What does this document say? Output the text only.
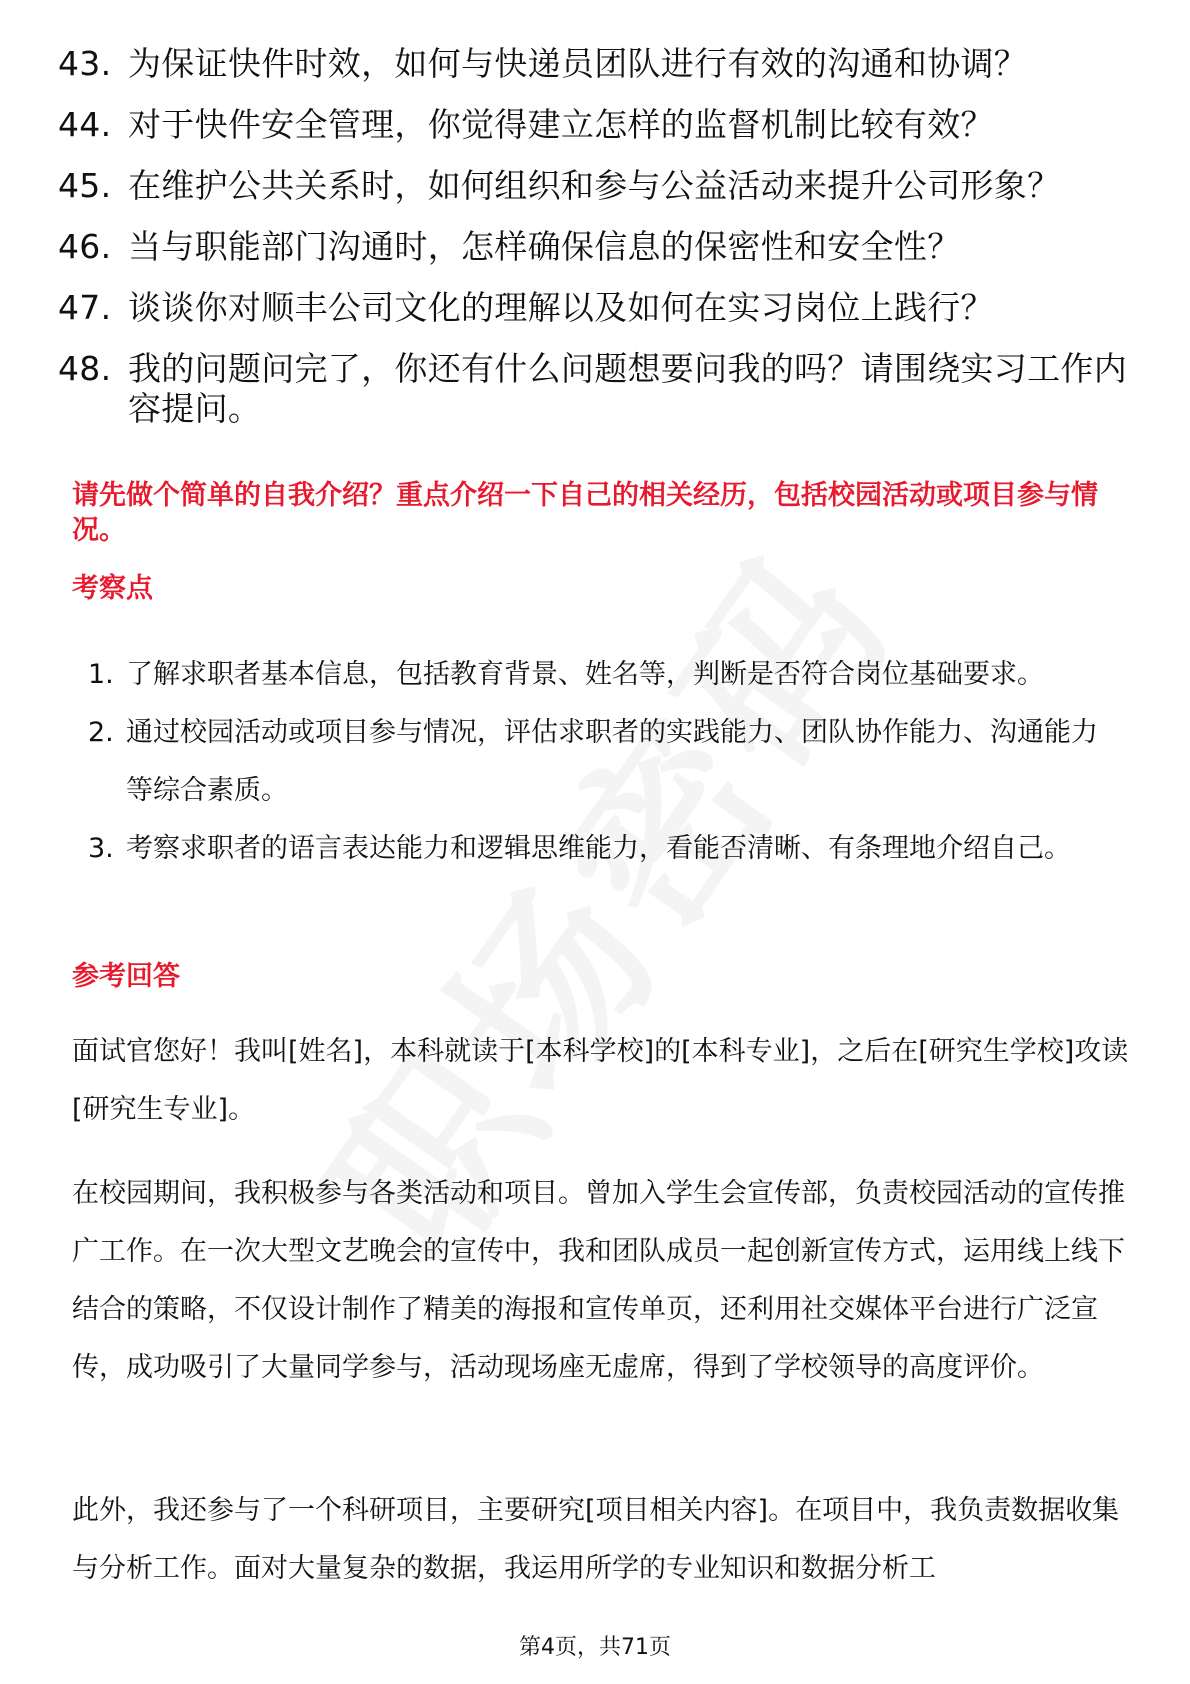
43. 为保证快件时效，如何与快递员团队进行有效的沟通和协调？
44. 对于快件安全管理，你觉得建立怎样的监督机制比较有效？
45. 在维护公共关系时，如何组织和参与公益活动来提升公司形象？
46. 当与职能部门沟通时，怎样确保信息的保密性和安全性？
47. 谈谈你对顺丰公司文化的理解以及如何在实习岗位上践行？
48. 我的问题问完了，你还有什么问题想要问我的吗？请围绕实习工作内容提问。

请先做个简单的自我介绍？重点介绍一下自己的相关经历，包括校园活动或项目参与情况。

考察点

1. 了解求职者基本信息，包括教育背景、姓名等，判断是否符合岗位基础要求。
2. 通过校园活动或项目参与情况，评估求职者的实践能力、团队协作能力、沟通能力等综合素质。
3. 考察求职者的语言表达能力和逻辑思维能力，看能否清晰、有条理地介绍自己。

参考回答

面试官您好！我叫[姓名]，本科就读于[本科学校]的[本科专业]，之后在[研究生学校]攻读[研究生专业]。

在校园期间，我积极参与各类活动和项目。曾加入学生会宣传部，负责校园活动的宣传推广工作。在一次大型文艺晚会的宣传中，我和团队成员一起创新宣传方式，运用线上线下结合的策略，不仅设计制作了精美的海报和宣传单页，还利用社交媒体平台进行广泛宣传，成功吸引了大量同学参与，活动现场座无虚席，得到了学校领导的高度评价。

此外，我还参与了一个科研项目，主要研究[项目相关内容]。在项目中，我负责数据收集与分析工作。面对大量复杂的数据，我运用所学的专业知识和数据分析工

第4页，共71页
